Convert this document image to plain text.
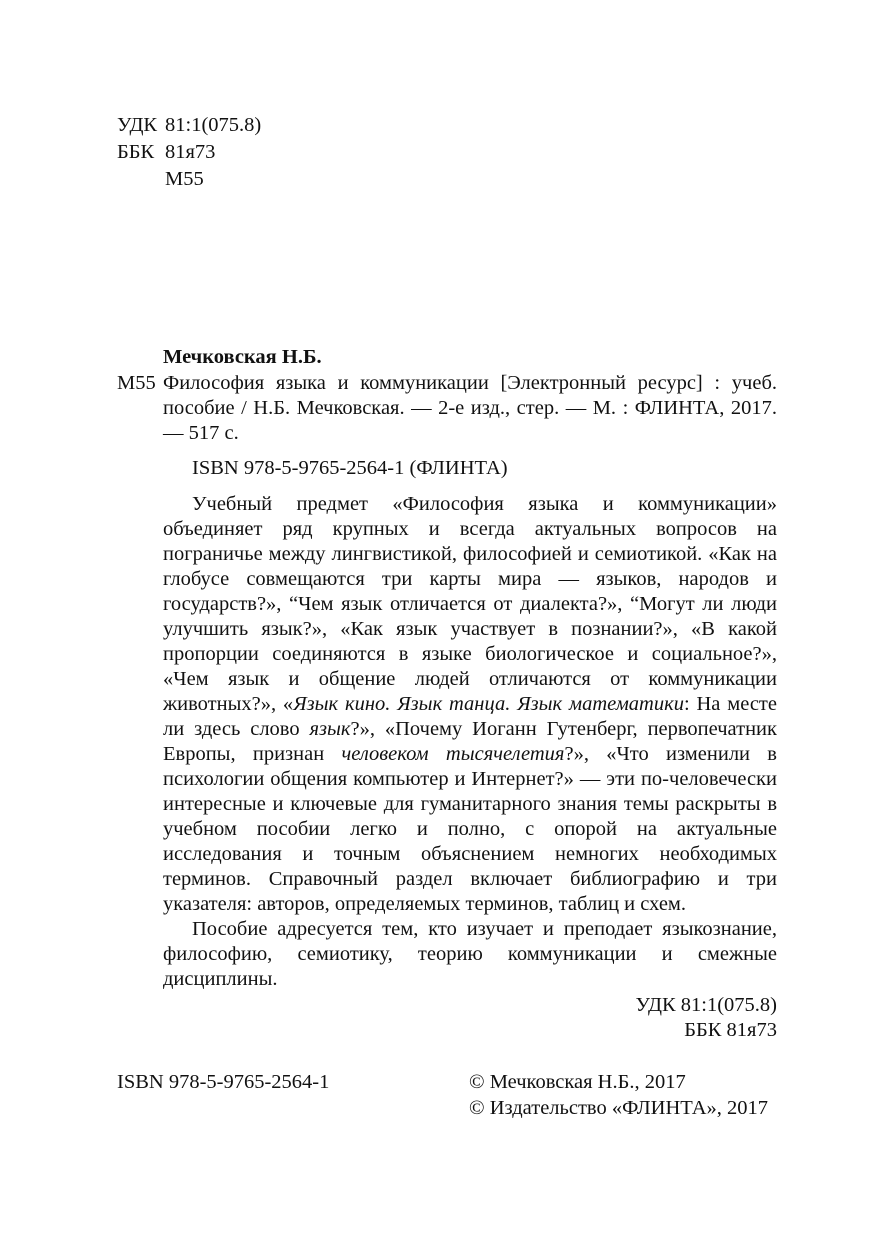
УДК 81:1(075.8)
ББК 81я73
М55
Мечковская Н.Б.
М55 Философия языка и коммуникации [Электронный ресурс] : учеб. пособие / Н.Б. Мечковская. — 2-е изд., стер. — М. : ФЛИНТА, 2017. — 517 с.
ISBN 978-5-9765-2564-1 (ФЛИНТА)

Учебный предмет «Философия языка и коммуникации» объединяет ряд крупных и всегда актуальных вопросов на пограничье между лингвистикой, философией и семиотикой. «Как на глобусе совмещаются три карты мира — языков, народов и государств?», “Чем язык отличается от диалекта?», “Могут ли люди улучшить язык?», «Как язык участвует в познании?», «В какой пропорции соединяются в языке биологическое и социальное?», «Чем язык и общение людей отличаются от коммуникации животных?», «Язык кино. Язык танца. Язык математики: На месте ли здесь слово язык?», «Почему Иоганн Гутенберг, первопечатник Европы, признан человеком тысячелетия?», «Что изменили в психологии общения компьютер и Интернет?» — эти по-человечески интересные и ключевые для гуманитарного знания темы раскрыты в учебном пособии легко и полно, с опорой на актуальные исследования и точным объяснением немногих необходимых терминов. Справочный раздел включает библиографию и три указателя: авторов, определяемых терминов, таблиц и схем.

Пособие адресуется тем, кто изучает и преподает языкознание, философию, семиотику, теорию коммуникации и смежные дисциплины.

УДК 81:1(075.8)
ББК 81я73
ISBN 978-5-9765-2564-1	© Мечковская Н.Б., 2017
© Издательство «ФЛИНТА», 2017
